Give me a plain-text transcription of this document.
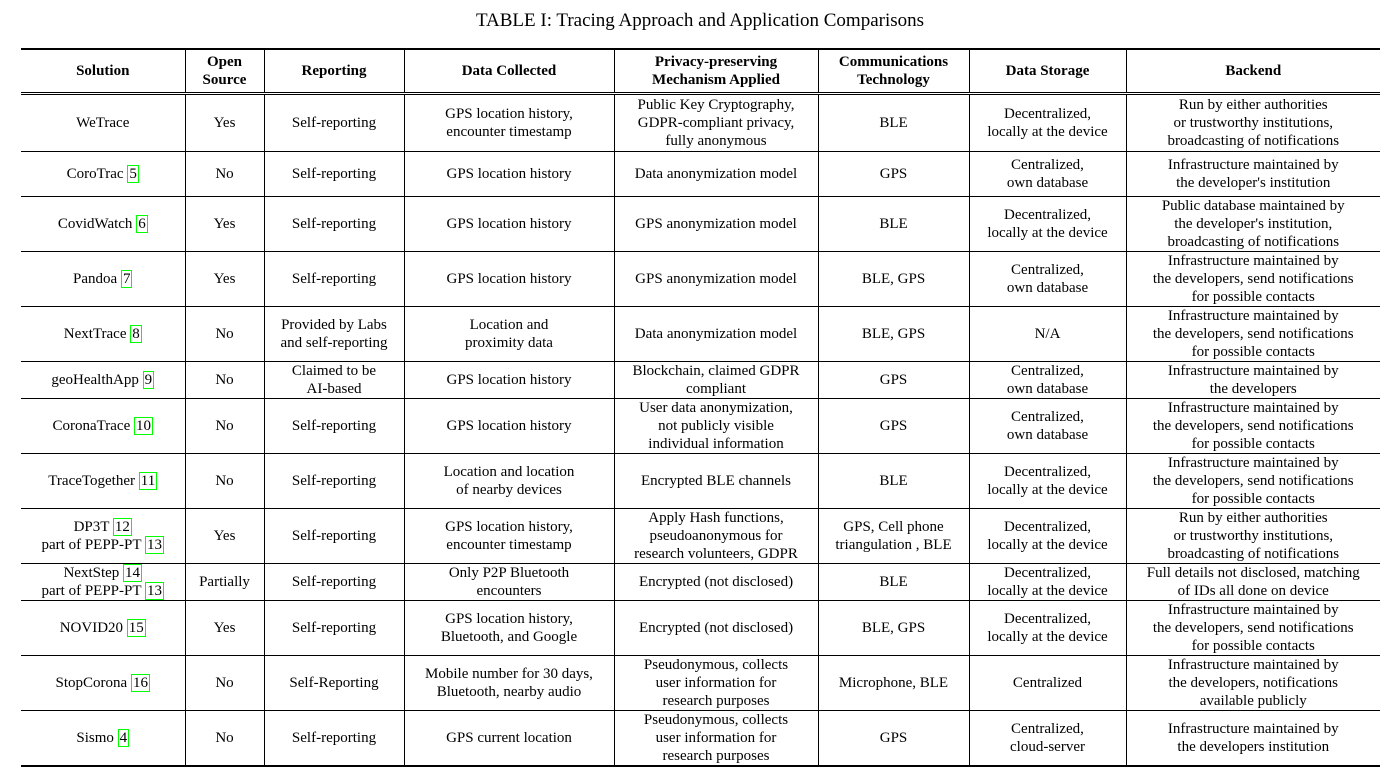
TABLE I: Tracing Approach and Application Comparisons
Solution	Open
Source	Reporting	Data Collected	Privacy-preserving
Mechanism Applied	Communications
Technology	Data Storage	Backend

WeTrace	Yes	Self-reporting	GPS location history,
encounter timestamp	Public Key Cryptography,
GDPR-compliant privacy,
fully anonymous	BLE	Decentralized,
locally at the device	Run by either authorities
or trustworthy institutions,
broadcasting of notifications

CoroTrac 5	No	Self-reporting	GPS location history	Data anonymization model	GPS	Centralized,
own database	Infrastructure maintained by
the developer's institution

CovidWatch 6	Yes	Self-reporting	GPS location history	GPS anonymization model	BLE	Decentralized,
locally at the device	Public database maintained by
the developer's institution,
broadcasting of notifications

Pandoa 7	Yes	Self-reporting	GPS location history	GPS anonymization model	BLE, GPS	Centralized,
own database	Infrastructure maintained by
the developers, send notifications
for possible contacts

NextTrace 8	No	Provided by Labs
and self-reporting	Location and
proximity data	Data anonymization model	BLE, GPS	N/A	Infrastructure maintained by
the developers, send notifications
for possible contacts

geoHealthApp 9	No	Claimed to be
AI-based	GPS location history	Blockchain, claimed GDPR
compliant	GPS	Centralized,
own database	Infrastructure maintained by
the developers

CoronaTrace 10	No	Self-reporting	GPS location history	User data anonymization,
not publicly visible
individual information	GPS	Centralized,
own database	Infrastructure maintained by
the developers, send notifications
for possible contacts

TraceTogether 11	No	Self-reporting	Location and location
of nearby devices	Encrypted BLE channels	BLE	Decentralized,
locally at the device	Infrastructure maintained by
the developers, send notifications
for possible contacts

DP3T 12
part of PEPP-PT 13	Yes	Self-reporting	GPS location history,
encounter timestamp	Apply Hash functions,
pseudoanonymous for
research volunteers, GDPR	GPS, Cell phone
triangulation , BLE	Decentralized,
locally at the device	Run by either authorities
or trustworthy institutions,
broadcasting of notifications

NextStep 14
part of PEPP-PT 13	Partially	Self-reporting	Only P2P Bluetooth
encounters	Encrypted (not disclosed)	BLE	Decentralized,
locally at the device	Full details not disclosed, matching
of IDs all done on device

NOVID20 15	Yes	Self-reporting	GPS location history,
Bluetooth, and Google	Encrypted (not disclosed)	BLE, GPS	Decentralized,
locally at the device	Infrastructure maintained by
the developers, send notifications
for possible contacts

StopCorona 16	No	Self-Reporting	Mobile number for 30 days,
Bluetooth, nearby audio	Pseudonymous, collects
user information for
research purposes	Microphone, BLE	Centralized	Infrastructure maintained by
the developers, notifications
available publicly

Sismo 4	No	Self-reporting	GPS current location	Pseudonymous, collects
user information for
research purposes	GPS	Centralized,
cloud-server	Infrastructure maintained by
the developers institution
